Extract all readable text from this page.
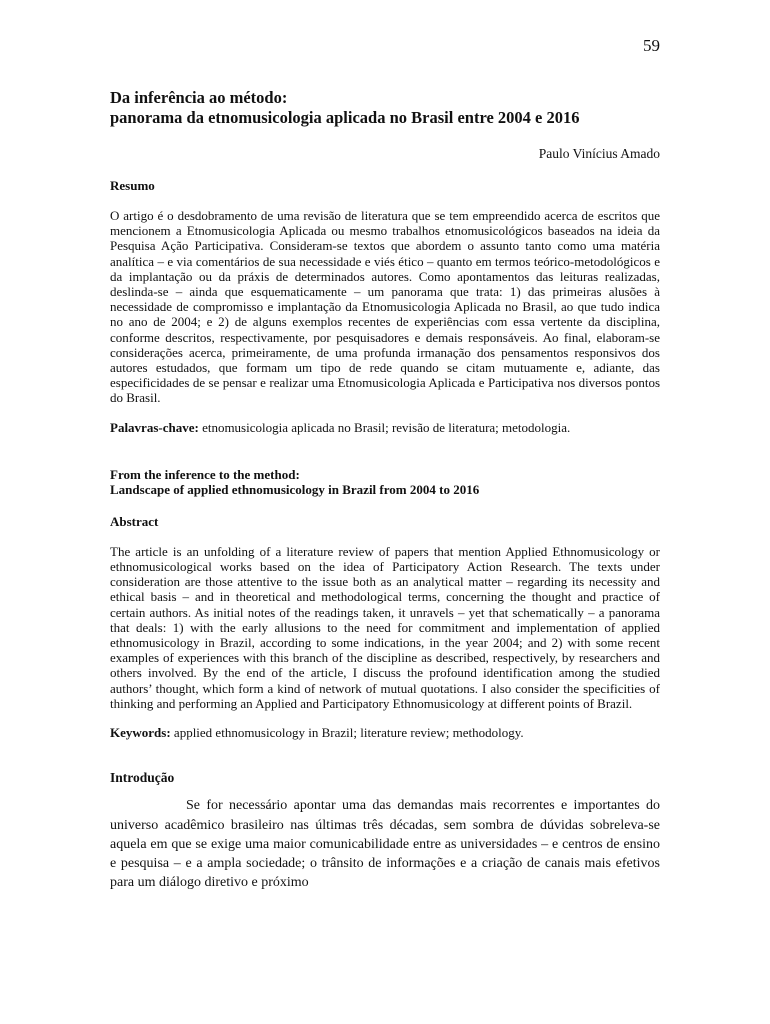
59
Da inferência ao método:
panorama da etnomusicologia aplicada no Brasil entre 2004 e 2016
Paulo Vinícius Amado
Resumo

O artigo é o desdobramento de uma revisão de literatura que se tem empreendido acerca de escritos que mencionem a Etnomusicologia Aplicada ou mesmo trabalhos etnomusicológicos baseados na ideia da Pesquisa Ação Participativa. Consideram-se textos que abordem o assunto tanto como uma matéria analítica – e via comentários de sua necessidade e viés ético – quanto em termos teórico-metodológicos e da implantação ou da práxis de determinados autores. Como apontamentos das leituras realizadas, deslinda-se – ainda que esquematicamente – um panorama que trata: 1) das primeiras alusões à necessidade de compromisso e implantação da Etnomusicologia Aplicada no Brasil, ao que tudo indica no ano de 2004; e 2) de alguns exemplos recentes de experiências com essa vertente da disciplina, conforme descritos, respectivamente, por pesquisadores e demais responsáveis. Ao final, elaboram-se considerações acerca, primeiramente, de uma profunda irmanação dos pensamentos responsivos dos autores estudados, que formam um tipo de rede quando se citam mutuamente e, adiante, das especificidades de se pensar e realizar uma Etnomusicologia Aplicada e Participativa nos diversos pontos do Brasil.

Palavras-chave: etnomusicologia aplicada no Brasil; revisão de literatura; metodologia.

From the inference to the method:
Landscape of applied ethnomusicology in Brazil from 2004 to 2016
Abstract

The article is an unfolding of a literature review of papers that mention Applied Ethnomusicology or ethnomusicological works based on the idea of Participatory Action Research. The texts under consideration are those attentive to the issue both as an analytical matter – regarding its necessity and ethical basis – and in theoretical and methodological terms, concerning the thought and practice of certain authors. As initial notes of the readings taken, it unravels – yet that schematically – a panorama that deals: 1) with the early allusions to the need for commitment and implementation of applied ethnomusicology in Brazil, according to some indications, in the year 2004; and 2) with some recent examples of experiences with this branch of the discipline as described, respectively, by researchers and others involved. By the end of the article, I discuss the profound identification among the studied authors’ thought, which form a kind of network of mutual quotations. I also consider the specificities of thinking and performing an Applied and Participatory Ethnomusicology at different points of Brazil.

Keywords: applied ethnomusicology in Brazil; literature review; methodology.

Introdução

Se for necessário apontar uma das demandas mais recorrentes e importantes do universo acadêmico brasileiro nas últimas três décadas, sem sombra de dúvidas sobreleva-se aquela em que se exige uma maior comunicabilidade entre as universidades – e centros de ensino e pesquisa – e a ampla sociedade; o trânsito de informações e a criação de canais mais efetivos para um diálogo diretivo e próximo
